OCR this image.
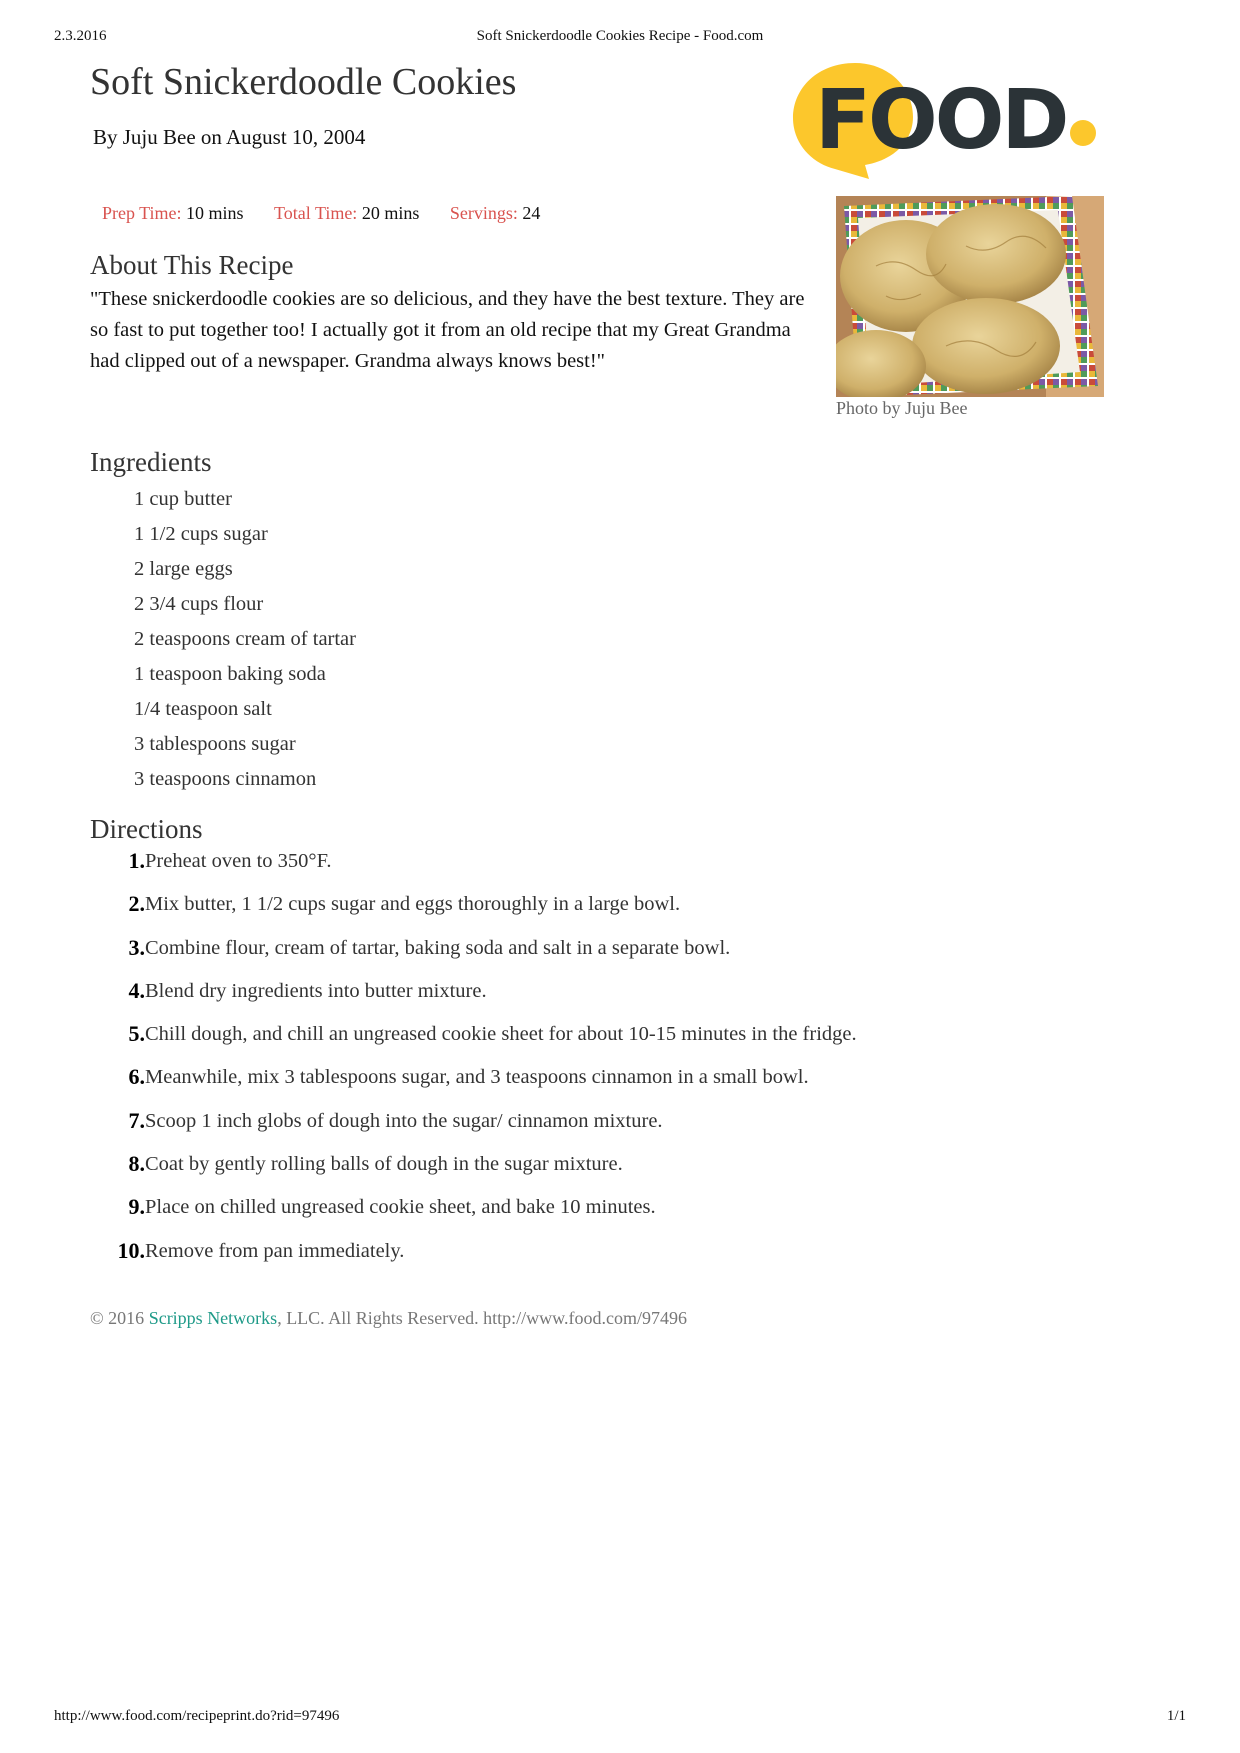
2.3.2016	Soft Snickerdoodle Cookies Recipe - Food.com
Soft Snickerdoodle Cookies
By Juju Bee on August 10, 2004	FOOD
Prep Time: 10 mins Total Time: 20 mins Servings: 24
Photo by Juju Bee
About This Recipe

"These snickerdoodle cookies are so delicious, and they have the best texture. They are so fast to put together too! I actually got it from an old recipe that my Great Grandma had clipped out of a newspaper. Grandma always knows best!"

Ingredients
1 cup butter
1 1/2 cups sugar
2 large eggs
2 3/4 cups flour
2 teaspoons cream of tartar
1 teaspoon baking soda
1/4 teaspoon salt
3 tablespoons sugar
3 teaspoons cinnamon
Directions
1. Preheat oven to 350°F.
2. Mix butter, 1 1/2 cups sugar and eggs thoroughly in a large bowl.
3. Combine flour, cream of tartar, baking soda and salt in a separate bowl.
4. Blend dry ingredients into butter mixture.
5. Chill dough, and chill an ungreased cookie sheet for about 10-15 minutes in the fridge.
6. Meanwhile, mix 3 tablespoons sugar, and 3 teaspoons cinnamon in a small bowl.
7. Scoop 1 inch globs of dough into the sugar/ cinnamon mixture.
8. Coat by gently rolling balls of dough in the sugar mixture.
9. Place on chilled ungreased cookie sheet, and bake 10 minutes.
10. Remove from pan immediately.
© 2016 Scripps Networks, LLC. All Rights Reserved. http://www.food.com/97496
http://www.food.com/recipeprint.do?rid=97496	1/1
